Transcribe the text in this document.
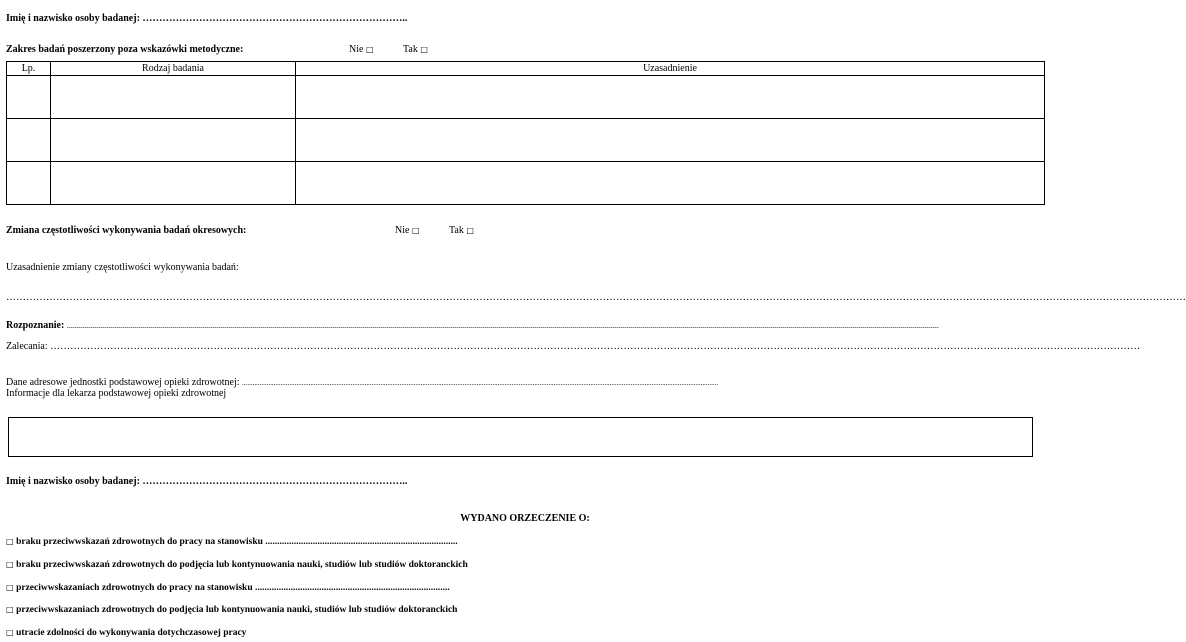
Imię i nazwisko osoby badanej: ……………………………………………………………………..
Zakres badań poszerzony poza wskazówki metodyczne:	Nie □	Tak □
Lp.	Rodzaj badania	Uzasadnienie

Zmiana częstotliwości wykonywania badań okresowych:	Nie □	Tak □
Uzasadnienie zmiany częstotliwości wykonywania badań:
…………………………………………………………………………………………………………………………………………………………………………………………………………………………………………………………………………………………………………………………
Rozpoznanie: ....................................................................................................................................................................................................................................................................................................................................................................................................................................................
Zalecania: …………………………………………………………………………………………………………………………………………………………………………………………………………………………………………………………………………………………………
Dane adresowe jednostki podstawowej opieki zdrowotnej: ................................................................................................................................................................................................................................................................................
Informacje dla lekarza podstawowej opieki zdrowotnej
Imię i nazwisko osoby badanej: ……………………………………………………………………..
WYDANO ORZECZENIE O:
□ braku przeciwwskazań zdrowotnych do pracy na stanowisku .................................................................................
□ braku przeciwwskazań zdrowotnych do podjęcia lub kontynuowania nauki, studiów lub studiów doktoranckich
□ przeciwwskazaniach zdrowotnych do pracy na stanowisku ..................................................................................
□ przeciwwskazaniach zdrowotnych do podjęcia lub kontynuowania nauki, studiów lub studiów doktoranckich
□ utracie zdolności do wykonywania dotychczasowej pracy
